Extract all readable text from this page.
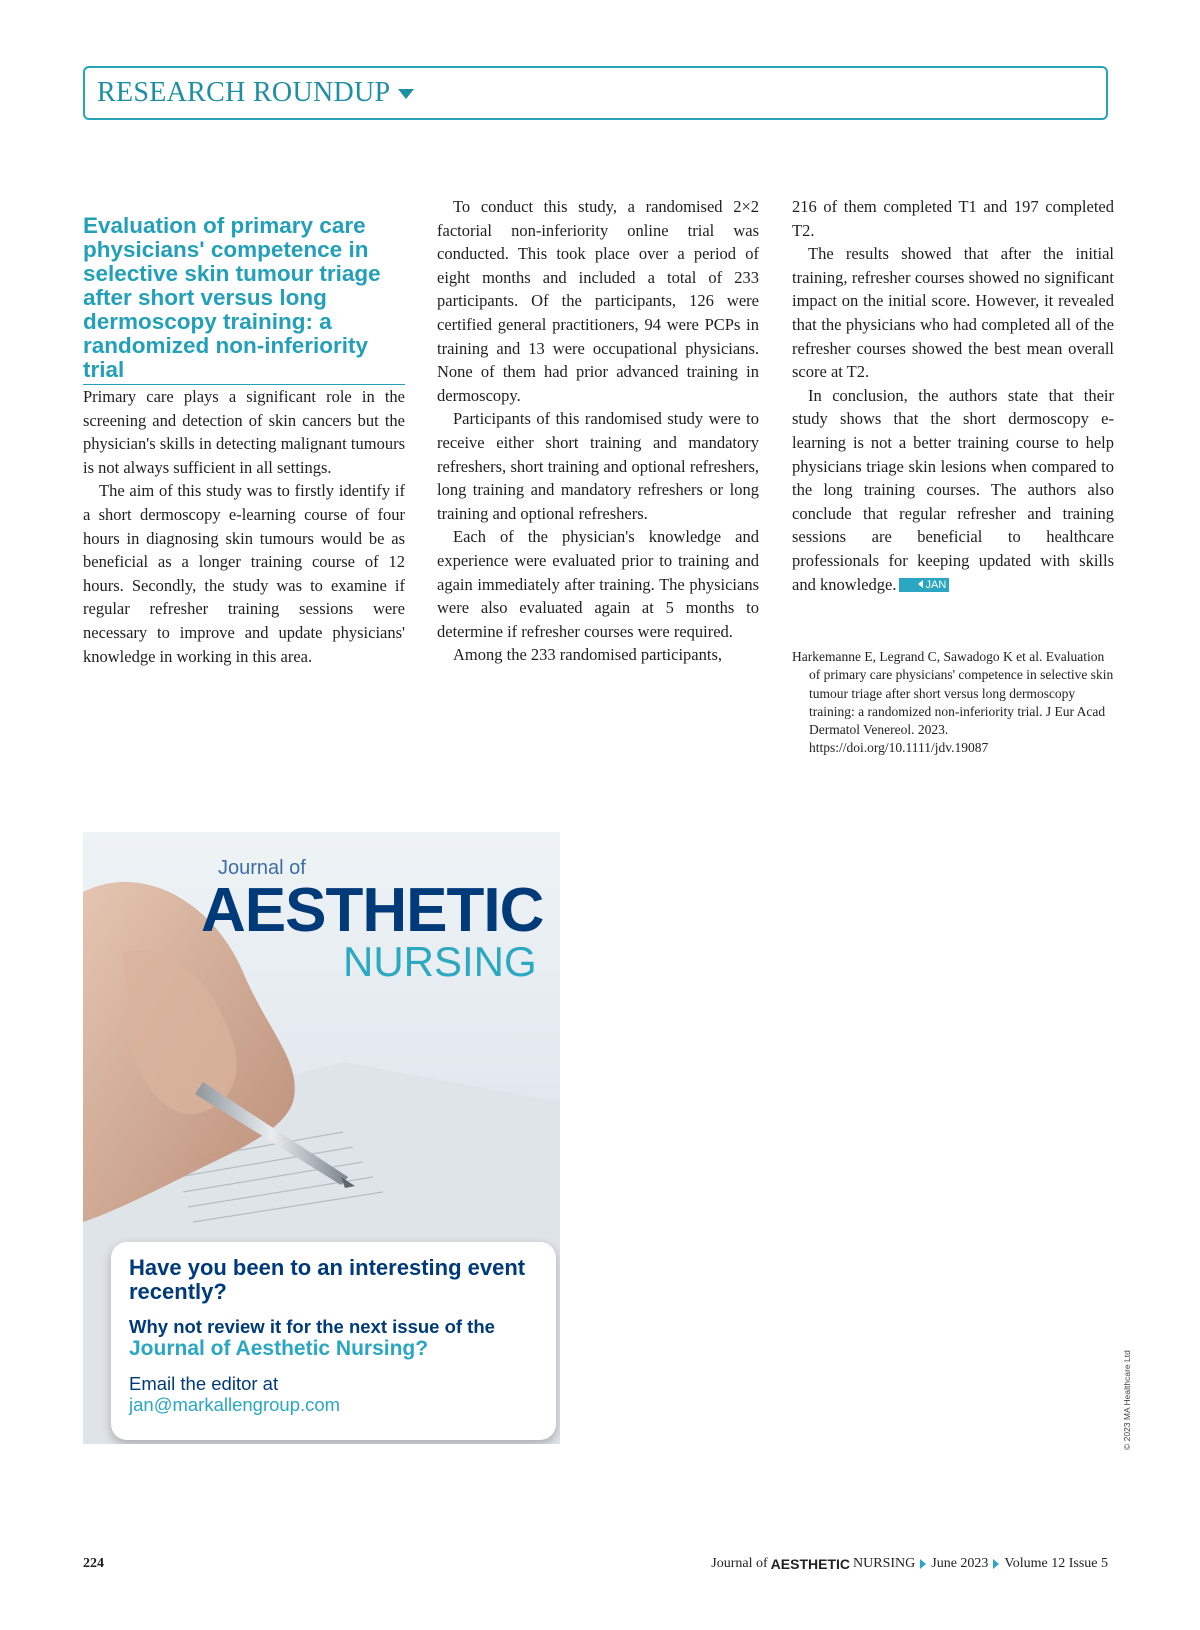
RESEARCH ROUNDUP
Evaluation of primary care physicians' competence in selective skin tumour triage after short versus long dermoscopy training: a randomized non-inferiority trial

Primary care plays a significant role in the screening and detection of skin cancers but the physician's skills in detecting malignant tumours is not always sufficient in all settings.

The aim of this study was to firstly identify if a short dermoscopy e-learning course of four hours in diagnosing skin tumours would be as beneficial as a longer training course of 12 hours. Secondly, the study was to examine if regular refresher training sessions were necessary to improve and update physicians' knowledge in working in this area.

To conduct this study, a randomised 2×2 factorial non-inferiority online trial was conducted. This took place over a period of eight months and included a total of 233 participants. Of the participants, 126 were certified general practitioners, 94 were PCPs in training and 13 were occupational physicians. None of them had prior advanced training in dermoscopy.

Participants of this randomised study were to receive either short training and mandatory refreshers, short training and optional refreshers, long training and mandatory refreshers or long training and optional refreshers.

Each of the physician's knowledge and experience were evaluated prior to training and again immediately after training. The physicians were also evaluated again at 5 months to determine if refresher courses were required.

Among the 233 randomised participants,

216 of them completed T1 and 197 completed T2.

The results showed that after the initial training, refresher courses showed no significant impact on the initial score. However, it revealed that the physicians who had completed all of the refresher courses showed the best mean overall score at T2.

In conclusion, the authors state that their study shows that the short dermoscopy e-learning is not a better training course to help physicians triage skin lesions when compared to the long training courses. The authors also conclude that regular refresher and training sessions are beneficial to healthcare professionals for keeping updated with skills and knowledge.	JAN

Harkemanne E, Legrand C, Sawadogo K et al. Evaluation of primary care physicians' competence in selective skin tumour triage after short versus long dermoscopy training: a randomized non-inferiority trial. J Eur Acad Dermatol Venereol. 2023. https://doi.org/10.1111/jdv.19087
Journal of
AESTHETIC
NURSING
Have you been to an interesting event recently?
Why not review it for the next issue of the
Journal of Aesthetic Nursing?
Email the editor at
jan@markallengroup.com	© 2023 MA Healthcare Ltd
224	Journal of AESTHETIC NURSING June 2023 Volume 12 Issue 5
